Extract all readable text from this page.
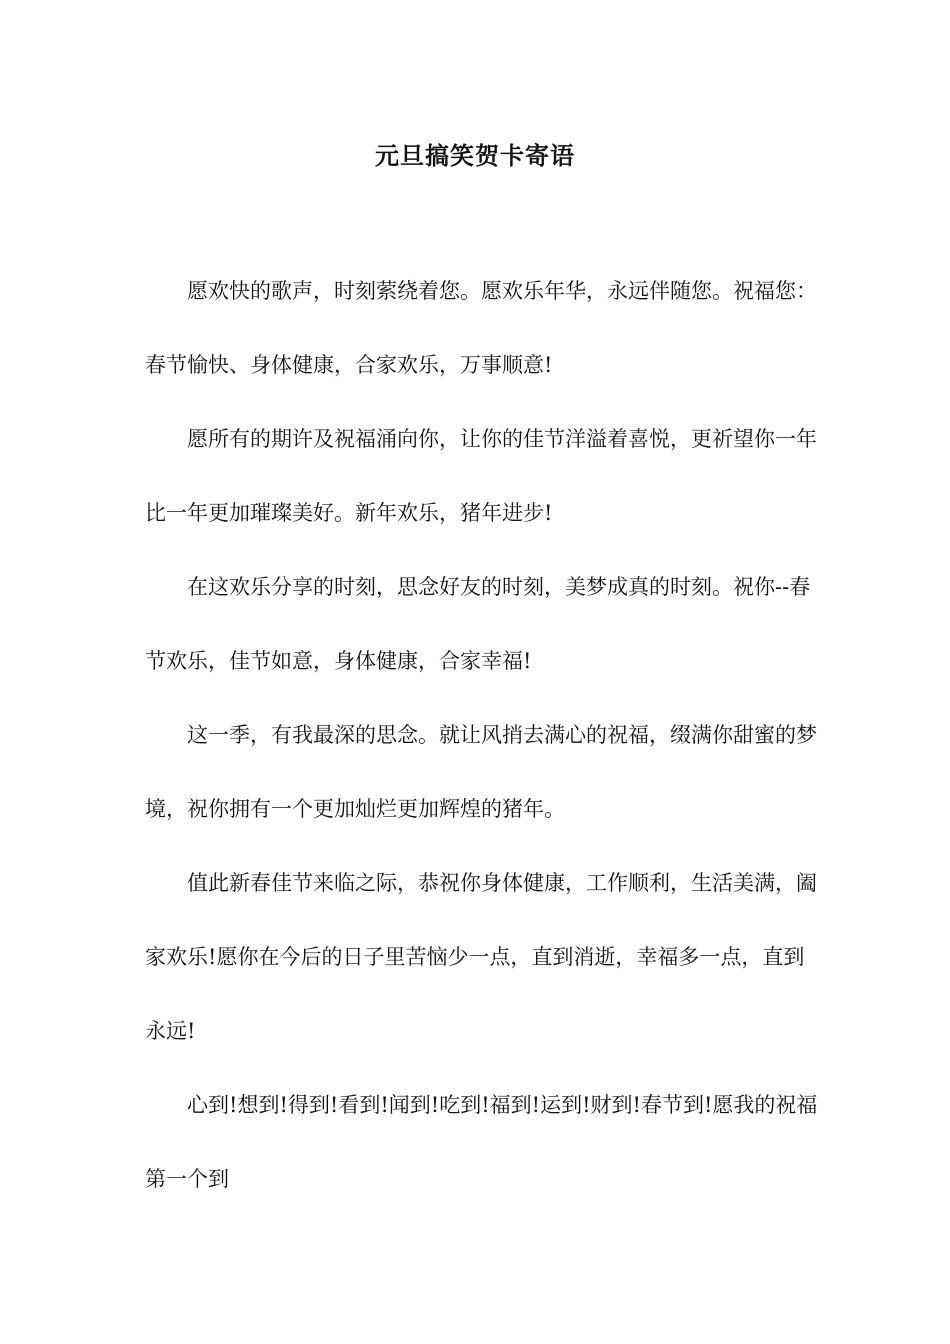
元旦搞笑贺卡寄语

愿欢快的歌声，时刻萦绕着您。愿欢乐年华，永远伴随您。祝福您：春节愉快、身体健康，合家欢乐，万事顺意!

愿所有的期许及祝福涌向你，让你的佳节洋溢着喜悦，更祈望你一年比一年更加璀璨美好。新年欢乐，猪年进步!

在这欢乐分享的时刻，思念好友的时刻，美梦成真的时刻。祝你--春节欢乐，佳节如意，身体健康，合家幸福!

这一季，有我最深的思念。就让风捎去满心的祝福，缀满你甜蜜的梦境，祝你拥有一个更加灿烂更加辉煌的猪年。

值此新春佳节来临之际，恭祝你身体健康，工作顺利，生活美满，阖家欢乐!愿你在今后的日子里苦恼少一点，直到消逝，幸福多一点，直到永远!

心到!想到!得到!看到!闻到!吃到!福到!运到!财到!春节到!愿我的祝福第一个到
